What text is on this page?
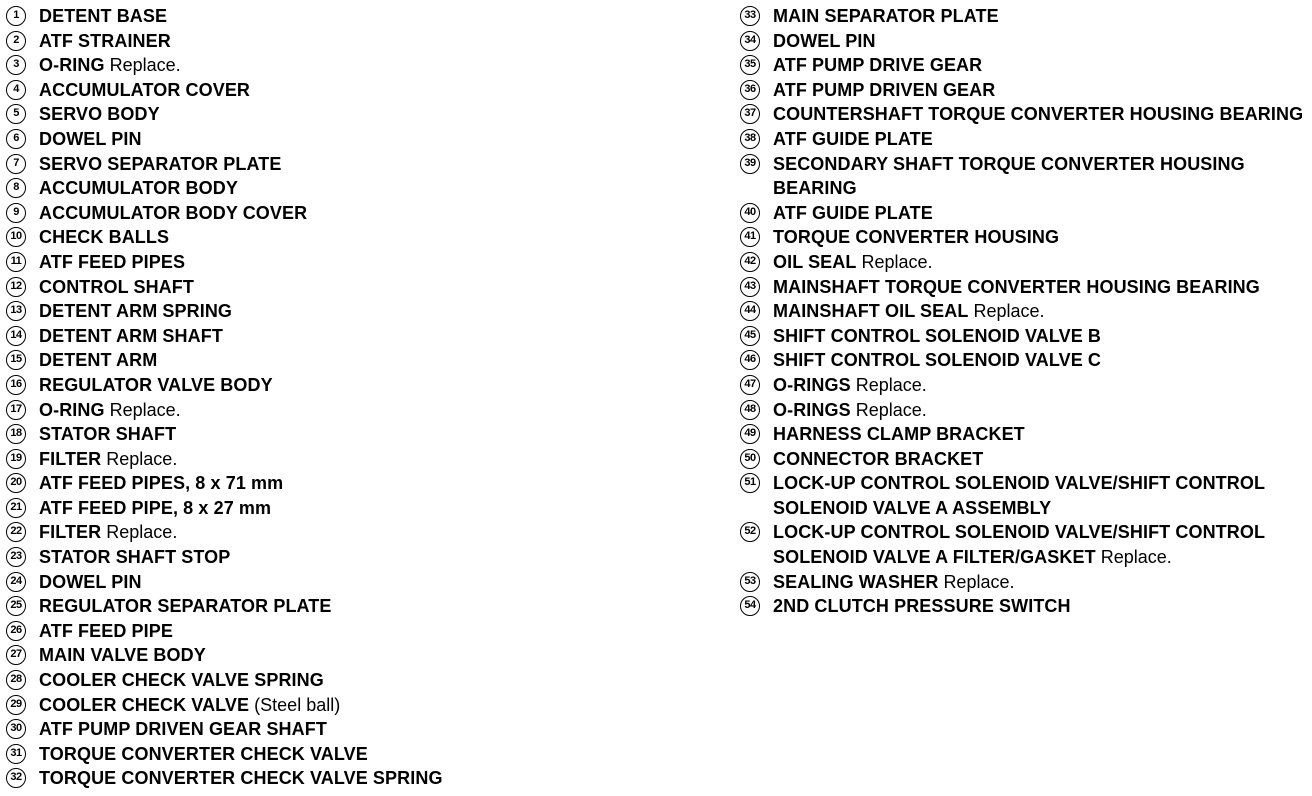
1	DETENT BASE
2	ATF STRAINER
3	O-RING Replace.
4	ACCUMULATOR COVER
5	SERVO BODY
6	DOWEL PIN
7	SERVO SEPARATOR PLATE
8	ACCUMULATOR BODY
9	ACCUMULATOR BODY COVER
10 CHECK BALLS
11 ATF FEED PIPES
12 CONTROL SHAFT
13 DETENT ARM SPRING
14 DETENT ARM SHAFT
15 DETENT ARM
16 REGULATOR VALVE BODY
17 O-RING Replace.
18 STATOR SHAFT
19 FILTER Replace.
20 ATF FEED PIPES, 8 x 71 mm
21 ATF FEED PIPE, 8 x 27 mm
22 FILTER Replace.
23 STATOR SHAFT STOP
24 DOWEL PIN
25 REGULATOR SEPARATOR PLATE
26 ATF FEED PIPE
27 MAIN VALVE BODY
28 COOLER CHECK VALVE SPRING
29 COOLER CHECK VALVE (Steel ball)
30 ATF PUMP DRIVEN GEAR SHAFT
31 TORQUE CONVERTER CHECK VALVE
32 TORQUE CONVERTER CHECK VALVE SPRING
33 MAIN SEPARATOR PLATE
34 DOWEL PIN
35 ATF PUMP DRIVE GEAR
36 ATF PUMP DRIVEN GEAR
37 COUNTERSHAFT TORQUE CONVERTER HOUSING BEARING
38 ATF GUIDE PLATE
39 SECONDARY SHAFT TORQUE CONVERTER HOUSING BEARING
40 ATF GUIDE PLATE
41 TORQUE CONVERTER HOUSING
42 OIL SEAL Replace.
43 MAINSHAFT TORQUE CONVERTER HOUSING BEARING
44 MAINSHAFT OIL SEAL Replace.
45 SHIFT CONTROL SOLENOID VALVE B
46 SHIFT CONTROL SOLENOID VALVE C
47 O-RINGS Replace.
48 O-RINGS Replace.
49 HARNESS CLAMP BRACKET
50 CONNECTOR BRACKET
51 LOCK-UP CONTROL SOLENOID VALVE/SHIFT CONTROL SOLENOID VALVE A ASSEMBLY
52 LOCK-UP CONTROL SOLENOID VALVE/SHIFT CONTROL SOLENOID VALVE A FILTER/GASKET Replace.
53 SEALING WASHER Replace.
54 2ND CLUTCH PRESSURE SWITCH
